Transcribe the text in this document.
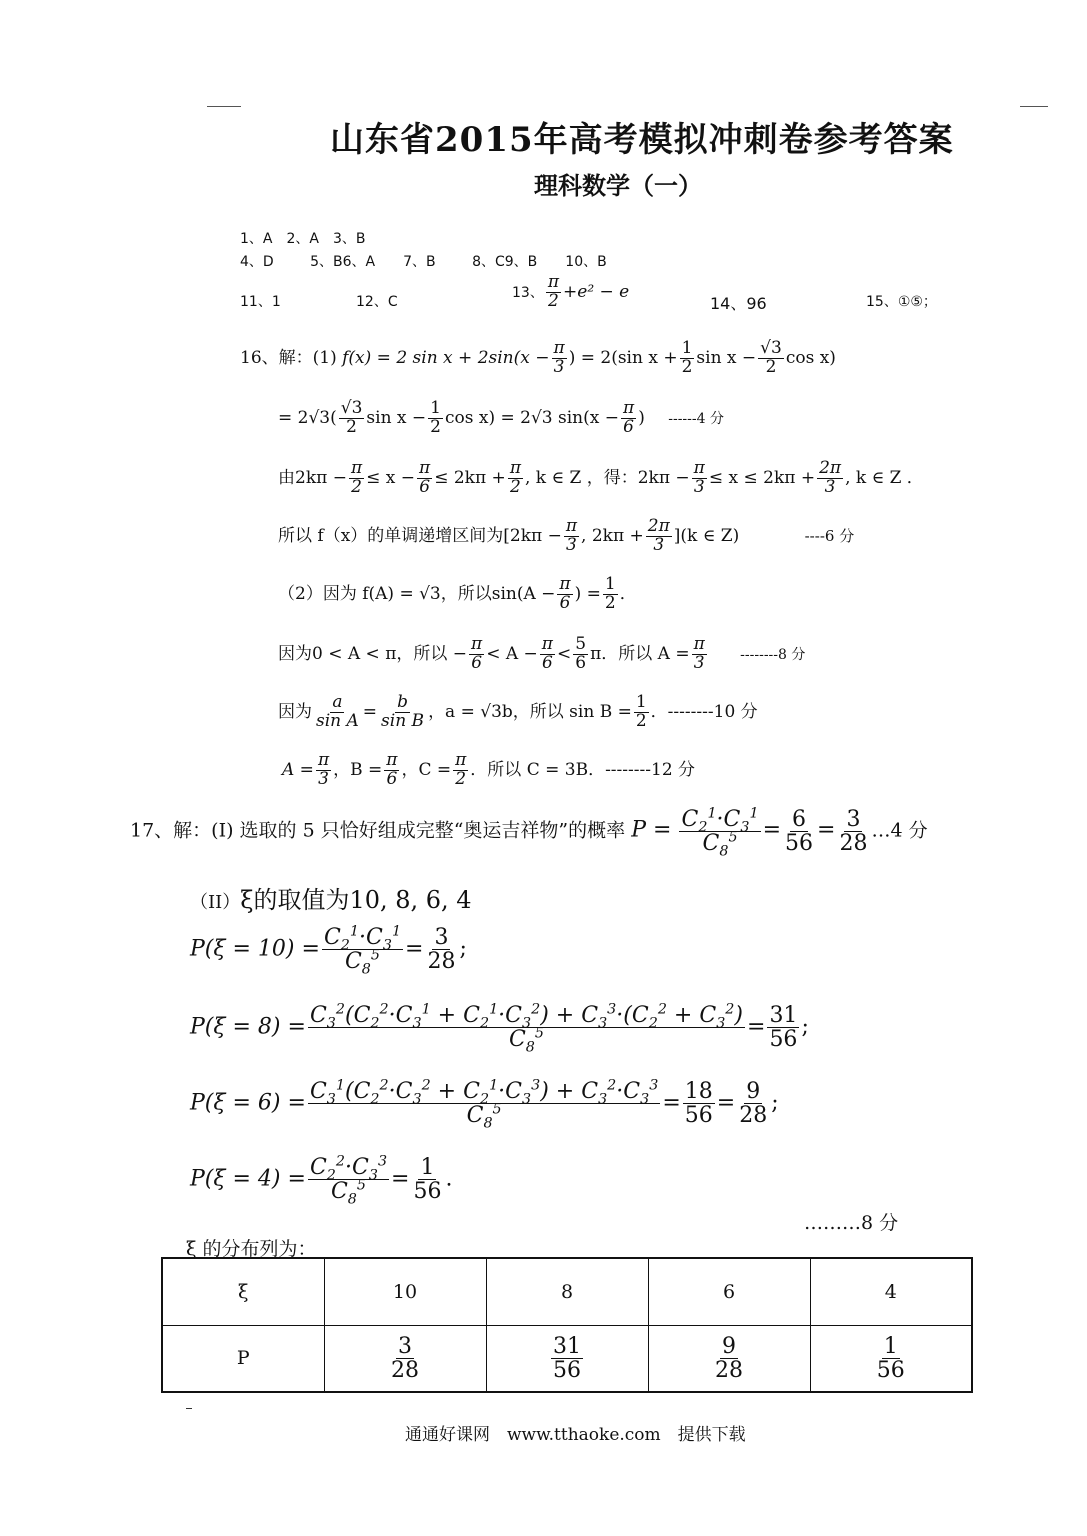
山东省2015年高考模拟冲刺卷参考答案
理科数学（一）
1、A　2、A　3、B
4、D　　 5、B6、A　　7、B　　 8、C9、B　　10、B
11、1	12、C
13、 $\frac{\pi}{2} +e^2 - e$
14、96	15、①⑤；
16、解：(1) f(x) = 2 $\sin x + 2\sin(x - \frac{\pi}{3}$ ) = 2(sin $x + \frac{1}{2}$ $\sin x - \frac{√3}{2}$ cos x)
= $2√3( \frac{√3}{2}$ $\sin x - \frac{1}{2}$ cos x) = 2√3 $\sin(x - \frac{\pi}{6}$ ) ------4 分
由$2k\pi - \frac{\pi}{2} \le x - \frac{\pi}{6} \le 2k\pi + \frac{\pi}{2}$ , k ∈ Z ，得：$2k\pi - \frac{\pi}{3} \le x \le 2k\pi + \frac{2\pi}{3}$ , k ∈ Z ．
所以 f（x）的单调递增区间为[$2k\pi - \frac{\pi}{3}$ , $2k\pi + \frac{2\pi}{3} ](k$ ∈ Z)	----6 分
（2）因为 f(A) = √3，所以$\sin(A - \frac{\pi}{6}$ ) = $\frac{1}{2}$ ．
因为0 < A < π，所以 − $\frac{\pi}{6} < A - \frac{\pi}{6} < \frac{5}{6}$ π．所以 $A = \frac{\pi}{3} --------8$ 分
因为 $\frac{a}{\text{sin A}} = \frac{b}{\text{sin B}}$ ，a = √3b，所以 $\sin B = \frac{1}{2}$ ．--------10 分
$A = \frac{\pi}{3}$ ，$B = \frac{\pi}{6}$ ，$C = \frac{\pi}{2}$ ．所以 C = 3B．--------12 分
17、解：(Ⅰ) 选取的 5 只恰好组成完整“奥运吉祥物”的概率 $P = \frac{C_2^1\cdot C_3^1}{C_8^5} = \frac{6}{56} = \frac{3}{28}$ …4 分
（II）ξ的取值为10, 8, 6, 4
$P(\xi = 10) = \frac{C_2^1\cdot C_3^1}{C_8^5} = \frac{3}{28}$ ;
$P(\xi = 8) = \frac{C_3^2(C_2^2\cdot C_3^1 + C_2^1\cdot C_3^2) + C_3^3\cdot(C_2^2 + C_3^2)}{C_8^5} = \frac{31}{56}$ ;
$P(\xi = 6) = \frac{C_3^1(C_2^2\cdot C_3^2 + C_2^1\cdot C_3^3) + C_3^2\cdot C_3^3}{C_8^5} = \frac{18}{56} = \frac{9}{28}$ ;
$P(\xi = 4) = \frac{C_2^2\cdot C_3^3}{C_8^5} = \frac{1}{56}$ .
………8 分
ξ 的分布列为：
ξ	10	8	6	4
P	$\frac{3}{28}$	$\frac{31}{56}$	$\frac{9}{28}$	$\frac{1}{56}$
通通好课网　www.tthaoke.com　提供下载
